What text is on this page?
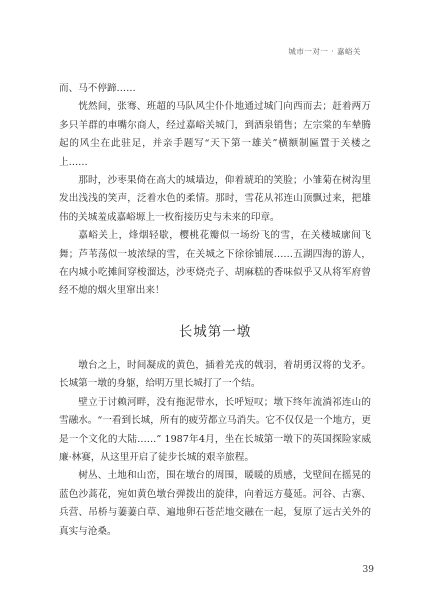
城市一对一 · 嘉峪关

而、马不停蹄……

恍然间，张骞、班超的马队风尘仆仆地通过城门向西而去；赶着两万多只羊群的車嘴尔商人，经过嘉峪关城门，到酒泉销售；左宗棠的车辇腾起的风尘在此驻足，并亲手题写“天下第一雄关”横额制匾置于关楼之上……

那时，沙枣果倚在高大的城墙边，仰着琥珀的笑脸；小雏菊在树沟里发出浅浅的笑声，泛着水色的柔情。那时，雪花从祁连山顶飘过来，把雄伟的关城羞成嘉峪塬上一枚衔接历史与未来的印章。

嘉峪关上，烽烟轻歇，樱桃花瓣似一场纷飞的雪，在关楼城廓间飞舞；芦苇荡似一坡浓绿的雪，在关城之下徐徐铺展……五湖四海的游人，在内城小吃摊间穿梭溜达，沙枣烧壳子、胡麻糕的香味似乎又从将军府曾经不熄的烟火里窜出来！

长城第一墩

墩台之上，时间凝成的黄色，插着羌戎的戟羽，着胡勇汉将的戈矛。长城第一墩的身躯，给明万里长城打了一个结。

壁立于讨赖河畔，没有拖泥带水，长呼短叹；墩下终年流淌祁连山的雪融水。“一看到长城，所有的疲劳都立马消失。它不仅仅是一个地方，更是一个文化的大陆……” 1987年4月，坐在长城第一墩下的英国探险家威廉·林赛，从这里开启了徒步长城的艰辛旅程。

树丛、土地和山峦，围在墩台的周围，暖暖的质感，戈壁间在摇晃的蓝色沙蒿花，宛如黄色墩台弹拨出的旋律，向着远方蔓延。河谷、古寨、兵营、吊桥与萋萋白草、遍地卵石苍茫地交融在一起，复原了远古关外的真实与沧桑。

39
